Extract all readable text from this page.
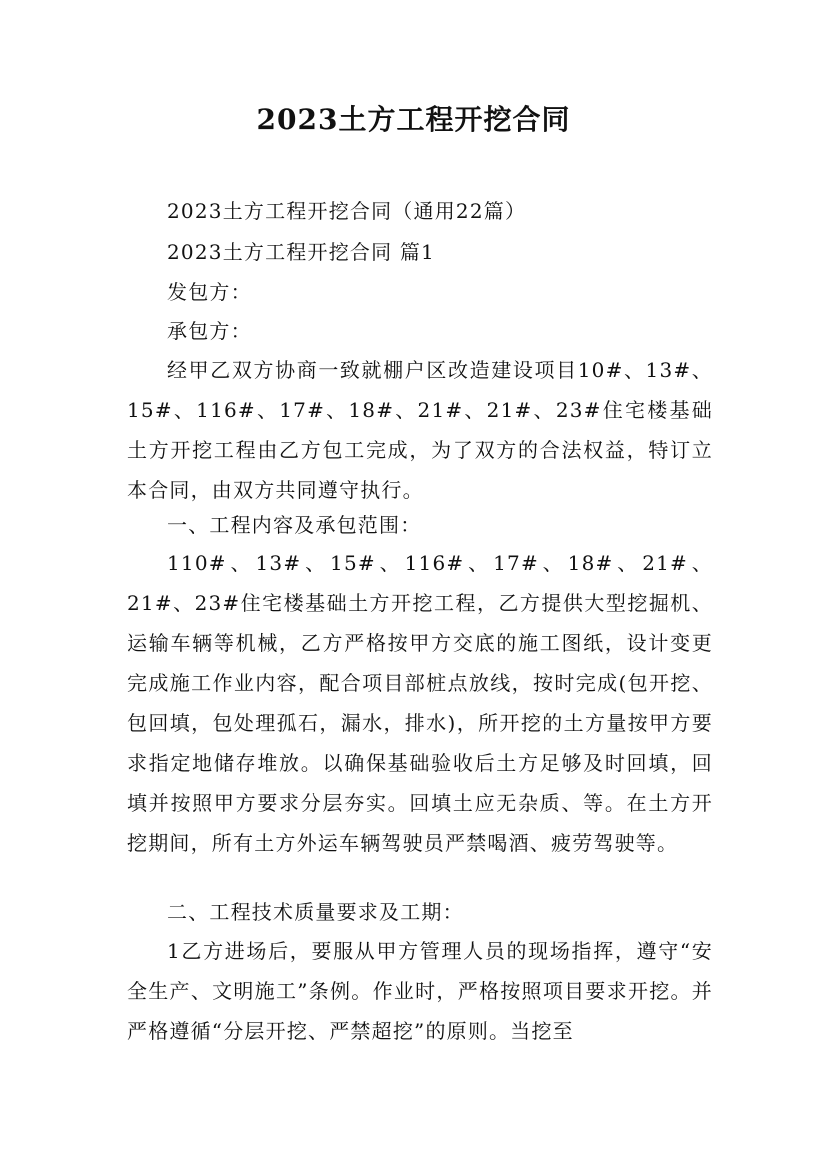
2023土方工程开挖合同

2023土方工程开挖合同（通用22篇）

2023土方工程开挖合同 篇1

发包方：

承包方：

经甲乙双方协商一致就棚户区改造建设项目10#、13#、15#、116#、17#、18#、21#、21#、23#住宅楼基础土方开挖工程由乙方包工完成，为了双方的合法权益，特订立本合同，由双方共同遵守执行。

一、工程内容及承包范围：

110#、13#、15#、116#、17#、18#、21#、21#、23#住宅楼基础土方开挖工程，乙方提供大型挖掘机、运输车辆等机械，乙方严格按甲方交底的施工图纸，设计变更完成施工作业内容，配合项目部桩点放线，按时完成(包开挖、包回填，包处理孤石，漏水，排水)，所开挖的土方量按甲方要求指定地储存堆放。以确保基础验收后土方足够及时回填，回填并按照甲方要求分层夯实。回填土应无杂质、等。在土方开挖期间，所有土方外运车辆驾驶员严禁喝酒、疲劳驾驶等。

二、工程技术质量要求及工期：

1乙方进场后，要服从甲方管理人员的现场指挥，遵守“安全生产、文明施工”条例。作业时，严格按照项目要求开挖。并严格遵循“分层开挖、严禁超挖”的原则。当挖至
